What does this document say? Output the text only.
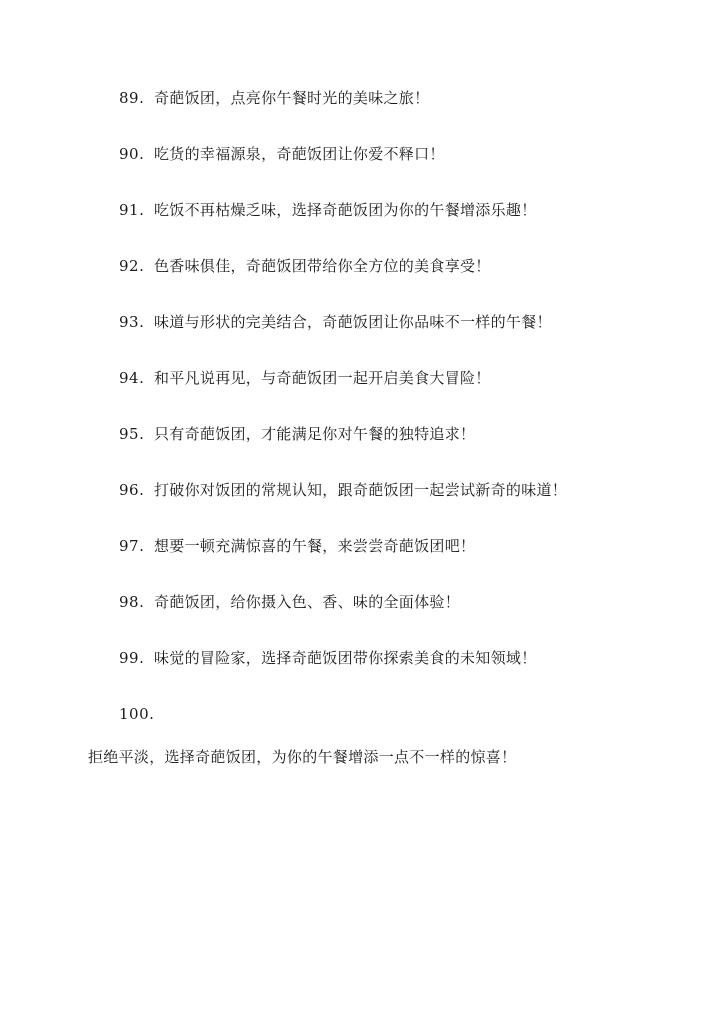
89. 奇葩饭团，点亮你午餐时光的美味之旅！
90. 吃货的幸福源泉，奇葩饭团让你爱不释口！
91. 吃饭不再枯燥乏味，选择奇葩饭团为你的午餐增添乐趣！
92. 色香味俱佳，奇葩饭团带给你全方位的美食享受！
93. 味道与形状的完美结合，奇葩饭团让你品味不一样的午餐！
94. 和平凡说再见，与奇葩饭团一起开启美食大冒险！
95. 只有奇葩饭团，才能满足你对午餐的独特追求！
96. 打破你对饭团的常规认知，跟奇葩饭团一起尝试新奇的味道！
97. 想要一顿充满惊喜的午餐，来尝尝奇葩饭团吧！
98. 奇葩饭团，给你摄入色、香、味的全面体验！
99. 味觉的冒险家，选择奇葩饭团带你探索美食的未知领域！
100.
拒绝平淡，选择奇葩饭团，为你的午餐增添一点不一样的惊喜！
